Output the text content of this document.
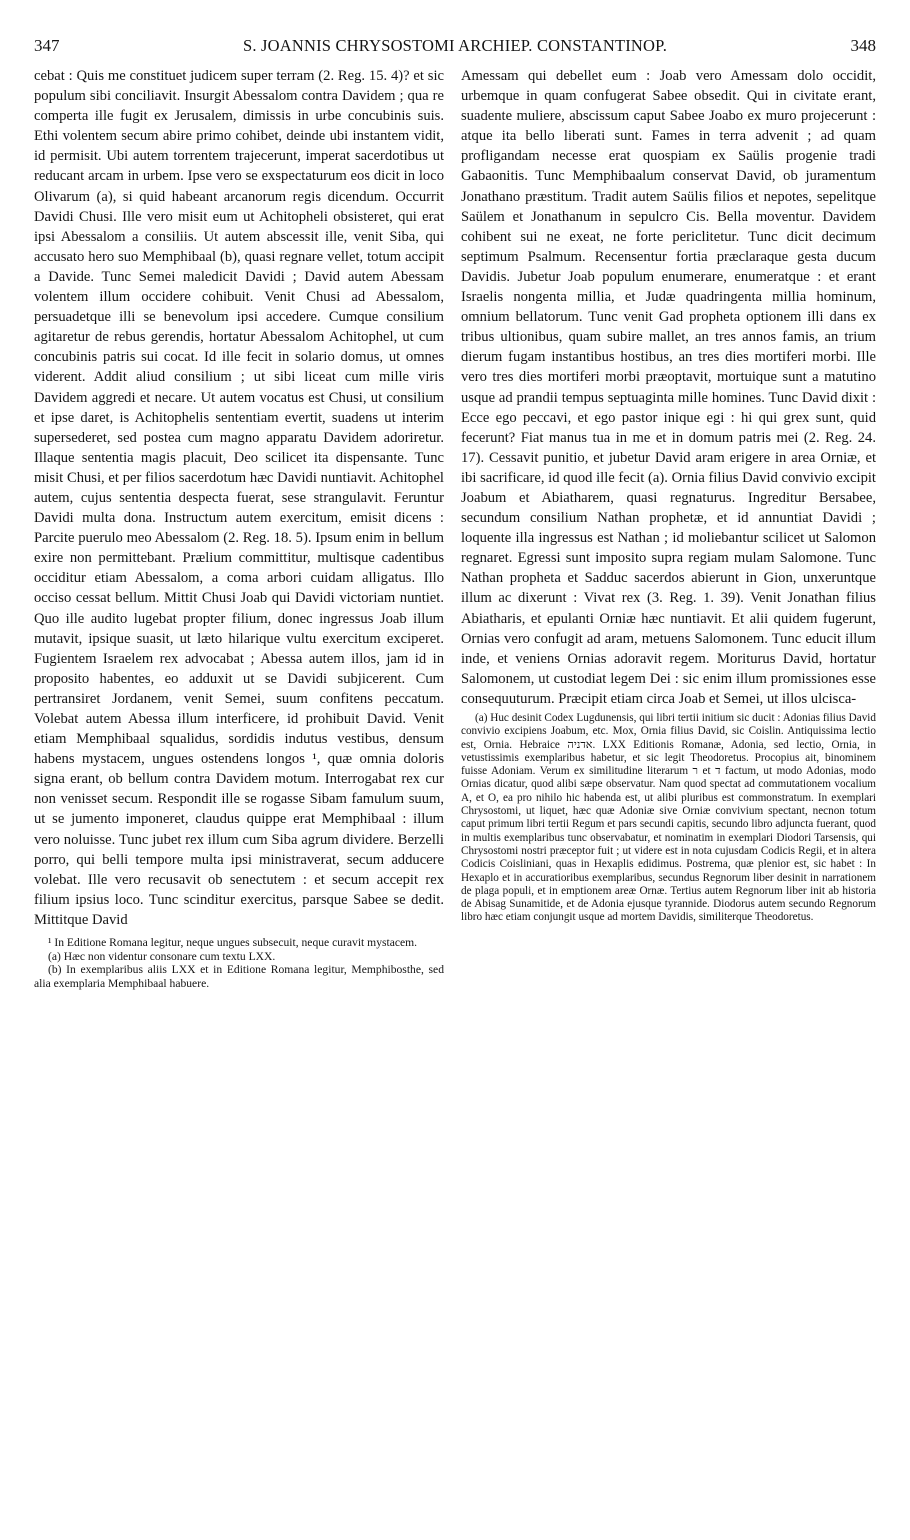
347	S. JOANNIS CHRYSOSTOMI ARCHIEP. CONSTANTINOP.	348
cebat : Quis me constituet judicem super terram (2. Reg. 15. 4)? et sic populum sibi conciliavit. Insurgit Abessalom contra Davidem ; qua re comperta ille fugit ex Jerusalem, dimissis in urbe concubinis suis. Ethi volentem secum abire primo cohibet, deinde ubi instantem vidit, id permisit. Ubi autem torrentem trajecerunt, imperat sacerdotibus ut reducant arcam in urbem. Ipse vero se exspectaturum eos dicit in loco Olivarum (a), si quid habeant arcanorum regis dicendum. Occurrit Davidi Chusi. Ille vero misit eum ut Achitopheli obsisteret, qui erat ipsi Abessalom a consiliis. Ut autem abscessit ille, venit Siba, qui accusato hero suo Memphibaal (b), quasi regnare vellet, totum accipit a Davide. Tunc Semei maledicit Davidi ; David autem Abessam volentem illum occidere cohibuit. Venit Chusi ad Abessalom, persuadetque illi se benevolum ipsi accedere. Cumque consilium agitaretur de rebus gerendis, hortatur Abessalom Achitophel, ut cum concubinis patris sui cocat. Id ille fecit in solario domus, ut omnes viderent. Addit aliud consilium ; ut sibi liceat cum mille viris Davidem aggredi et necare. Ut autem vocatus est Chusi, ut consilium et ipse daret, is Achitophelis sententiam evertit, suadens ut interim supersederet, sed postea cum magno apparatu Davidem adoriretur. Illaque sententia magis placuit, Deo scilicet ita dispensante. Tunc misit Chusi, et per filios sacerdotum hæc Davidi nuntiavit. Achitophel autem, cujus sententia despecta fuerat, sese strangulavit. Feruntur Davidi multa dona. Instructum autem exercitum, emisit dicens : Parcite puerulo meo Abessalom (2. Reg. 18. 5). Ipsum enim in bellum exire non permittebant. Prælium committitur, multisque cadentibus occiditur etiam Abessalom, a coma arbori cuidam alligatus. Illo occiso cessat bellum. Mittit Chusi Joab qui Davidi victoriam nuntiet. Quo ille audito lugebat propter filium, donec ingressus Joab illum mutavit, ipsique suasit, ut læto hilarique vultu exercitum exciperet. Fugientem Israelem rex advocabat ; Abessa autem illos, jam id in proposito habentes, eo adduxit ut se Davidi subjicerent. Cum pertransiret Jordanem, venit Semei, suum confitens peccatum. Volebat autem Abessa illum interficere, id prohibuit David. Venit etiam Memphibaal squalidus, sordidis indutus vestibus, densum habens mystacem, ungues ostendens longos ¹, quæ omnia doloris signa erant, ob bellum contra Davidem motum. Interrogabat rex cur non venisset secum. Respondit ille se rogasse Sibam famulum suum, ut se jumento imponeret, claudus quippe erat Memphibaal : illum vero noluisse. Tunc jubet rex illum cum Siba agrum dividere. Berzelli porro, qui belli tempore multa ipsi ministraverat, secum adducere volebat. Ille vero recusavit ob senectutem : et secum accepit rex filium ipsius loco. Tunc scinditur exercitus, parsque Sabee se dedit. Mittitque David

¹ In Editione Romana legitur, neque ungues subsecuit, neque curavit mystacem.

(a) Hæc non videntur consonare cum textu LXX.

(b) In exemplaribus aliis LXX et in Editione Romana legitur, Memphibosthe, sed alia exemplaria Memphibaal habuere.

Amessam qui debellet eum : Joab vero Amessam dolo occidit, urbemque in quam confugerat Sabee obsedit. Qui in civitate erant, suadente muliere, abscissum caput Sabee Joabo ex muro projecerunt : atque ita bello liberati sunt. Fames in terra advenit ; ad quam profligandam necesse erat quospiam ex Saülis progenie tradi Gabaonitis. Tunc Memphibaalum conservat David, ob juramentum Jonathano præstitum. Tradit autem Saülis filios et nepotes, sepelitque Saülem et Jonathanum in sepulcro Cis. Bella moventur. Davidem cohibent sui ne exeat, ne forte periclitetur. Tunc dicit decimum septimum Psalmum. Recensentur fortia præclaraque gesta ducum Davidis. Jubetur Joab populum enumerare, enumeratque : et erant Israelis nongenta millia, et Judæ quadringenta millia hominum, omnium bellatorum. Tunc venit Gad propheta optionem illi dans ex tribus ultionibus, quam subire mallet, an tres annos famis, an trium dierum fugam instantibus hostibus, an tres dies mortiferi morbi. Ille vero tres dies mortiferi morbi præoptavit, mortuique sunt a matutino usque ad prandii tempus septuaginta mille homines. Tunc David dixit : Ecce ego peccavi, et ego pastor inique egi : hi qui grex sunt, quid fecerunt? Fiat manus tua in me et in domum patris mei (2. Reg. 24. 17). Cessavit punitio, et jubetur David aram erigere in area Orniæ, et ibi sacrificare, id quod ille fecit (a). Ornia filius David convivio excipit Joabum et Abiatharem, quasi regnaturus. Ingreditur Bersabee, secundum consilium Nathan prophetæ, et id annuntiat Davidi ; loquente illa ingressus est Nathan ; id moliebantur scilicet ut Salomon regnaret. Egressi sunt imposito supra regiam mulam Salomone. Tunc Nathan propheta et Sadduc sacerdos abierunt in Gion, unxeruntque illum ac dixerunt : Vivat rex (3. Reg. 1. 39). Venit Jonathan filius Abiatharis, et epulanti Orniæ hæc nuntiavit. Et alii quidem fugerunt, Ornias vero confugit ad aram, metuens Salomonem. Tunc educit illum inde, et veniens Ornias adoravit regem. Moriturus David, hortatur Salomonem, ut custodiat legem Dei : sic enim illum promissiones esse consequuturum. Præcipit etiam circa Joab et Semei, ut illos ulcisca-

(a) Huc desinit Codex Lugdunensis, qui libri tertii initium sic ducit : Adonias filius David convivio excipiens Joabum, etc. Mox, Ornia filius David, sic Coislin. Antiquissima lectio est, Ornia. Hebraice אדניה. LXX Editionis Romanæ, Adonia, sed lectio, Ornia, in vetustissimis exemplaribus habetur, et sic legit Theodoretus. Procopius ait, binominem fuisse Adoniam. Verum ex similitudine literarum ר et ד factum, ut modo Adonias, modo Ornias dicatur, quod alibi sæpe observatur. Nam quod spectat ad commutationem vocalium A, et O, ea pro nihilo hic habenda est, ut alibi pluribus est commonstratum. In exemplari Chrysostomi, ut liquet, hæc quæ Adoniæ sive Orniæ convivium spectant, necnon totum caput primum libri tertii Regum et pars secundi capitis, secundo libro adjuncta fuerant, quod in multis exemplaribus tunc observabatur, et nominatim in exemplari Diodori Tarsensis, qui Chrysostomi nostri præceptor fuit ; ut videre est in nota cujusdam Codicis Regii, et in altera Codicis Coisliniani, quas in Hexaplis edidimus. Postrema, quæ plenior est, sic habet : In Hexaplo et in accuratioribus exemplaribus, secundus Regnorum liber desinit in narrationem de plaga populi, et in emptionem areæ Ornæ. Tertius autem Regnorum liber init ab historia de Abisag Sunamitide, et de Adonia ejusque tyrannide. Diodorus autem secundo Regnorum libro hæc etiam conjungit usque ad mortem Davidis, similiterque Theodoretus.
